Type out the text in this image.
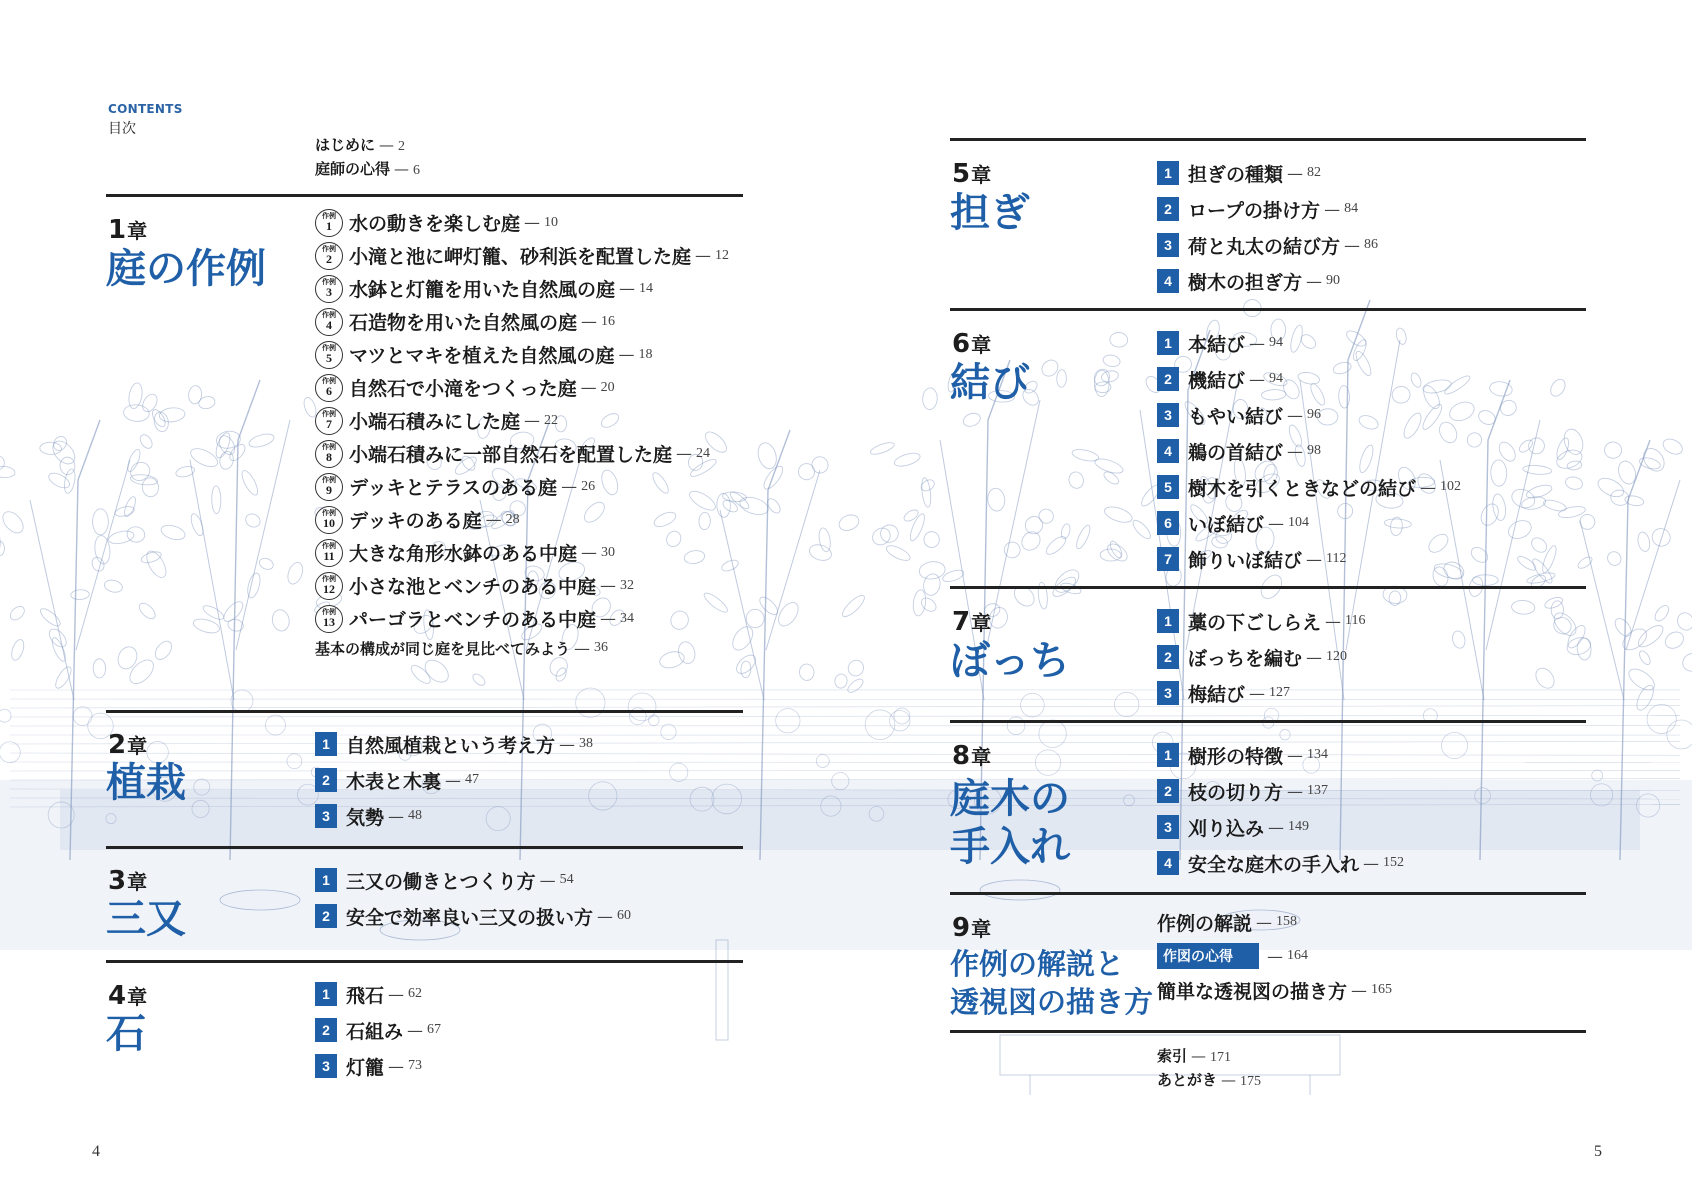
CONTENTS
目次
はじめに — 2
庭師の心得 — 6
1章
庭の作例
作例
1 水の動きを楽しむ庭 — 10
作例
2 小滝と池に岬灯籠、砂利浜を配置した庭 — 12
作例
3 水鉢と灯籠を用いた自然風の庭 — 14
作例
4 石造物を用いた自然風の庭 — 16
作例
5 マツとマキを植えた自然風の庭 — 18
作例
6 自然石で小滝をつくった庭 — 20
作例
7 小端石積みにした庭 — 22
作例
8 小端石積みに一部自然石を配置した庭 — 24
作例
9 デッキとテラスのある庭 — 26
作例
10 デッキのある庭 — 28
作例
11 大きな角形水鉢のある中庭 — 30
作例
12 小さな池とベンチのある中庭 — 32
作例
13 パーゴラとベンチのある中庭 — 34
基本の構成が同じ庭を見比べてみよう — 36
2章
植栽
1 自然風植栽という考え方 — 38
2 木表と木裏 — 47
3 気勢 — 48
3章
三又
1 三又の働きとつくり方 — 54
2 安全で効率良い三又の扱い方 — 60
4章
石
1 飛石 — 62
2 石組み — 67
3 灯籠 — 73
4
5章
担ぎ
1 担ぎの種類 — 82
2 ロープの掛け方 — 84
3 荷と丸太の結び方 — 86
4 樹木の担ぎ方 — 90
6章
結び
1 本結び — 94
2 機結び — 94
3 もやい結び — 96
4 鵜の首結び — 98
5 樹木を引くときなどの結び — 102
6 いぼ結び — 104
7 飾りいぼ結び — 112
7章
ぼっち
1 藁の下ごしらえ — 116
2 ぼっちを編む — 120
3 梅結び — 127
8章
庭木の
手入れ
1 樹形の特徴 — 134
2 枝の切り方 — 137
3 刈り込み — 149
4 安全な庭木の手入れ — 152
9章
作例の解説と
透視図の描き方
作例の解説 — 158
作図の心得	— 164
簡単な透視図の描き方 — 165
索引 — 171
あとがき — 175
5
